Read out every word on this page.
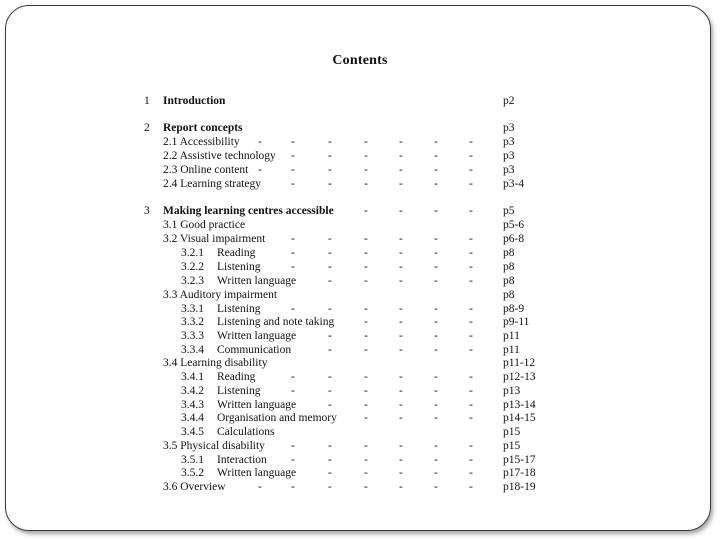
Contents
1 Introduction	p2
2 Report concepts	p3
2.1 Accessibility -	-	-	-	-	-	-	p3
2.2 Assistive technology -	-	-	-	-	-	p3
2.3 Online content -	-	-	-	-	-	-	p3
2.4 Learning strategy	-	-	-	-	-	-	p3-4
3 Making learning centres accessible	-	-	-	-	p5
3.1 Good practice	p5-6
3.2 Visual impairment -	-	-	-	-	-	p6-8
3.2.1 Reading	-	-	-	-	-	-	p8
3.2.2 Listening	-	-	-	-	-	-	p8
3.2.3 Written language	-	-	-	-	-	p8
3.3 Auditory impairment	p8
3.3.1 Listening	-	-	-	-	-	-	p8-9
3.3.2 Listening and note taking	-	-	-	-	p9-11
3.3.3 Written language	-	-	-	-	-	p11
3.3.4 Communication	-	-	-	-	-	p11
3.4 Learning disability	p11-12
3.4.1 Reading	-	-	-	-	-	-	p12-13
3.4.2 Listening	-	-	-	-	-	-	p13
3.4.3 Written language	-	-	-	-	-	p13-14
3.4.4 Organisation and memory -	-	-	-	p14-15
3.4.5 Calculations	p15
3.5 Physical disability -	-	-	-	-	-	p15
3.5.1 Interaction -	-	-	-	-	-	p15-17
3.5.2 Written language	-	-	-	-	-	p17-18
3.6 Overview	-	-	-	-	-	-	-	p18-19
